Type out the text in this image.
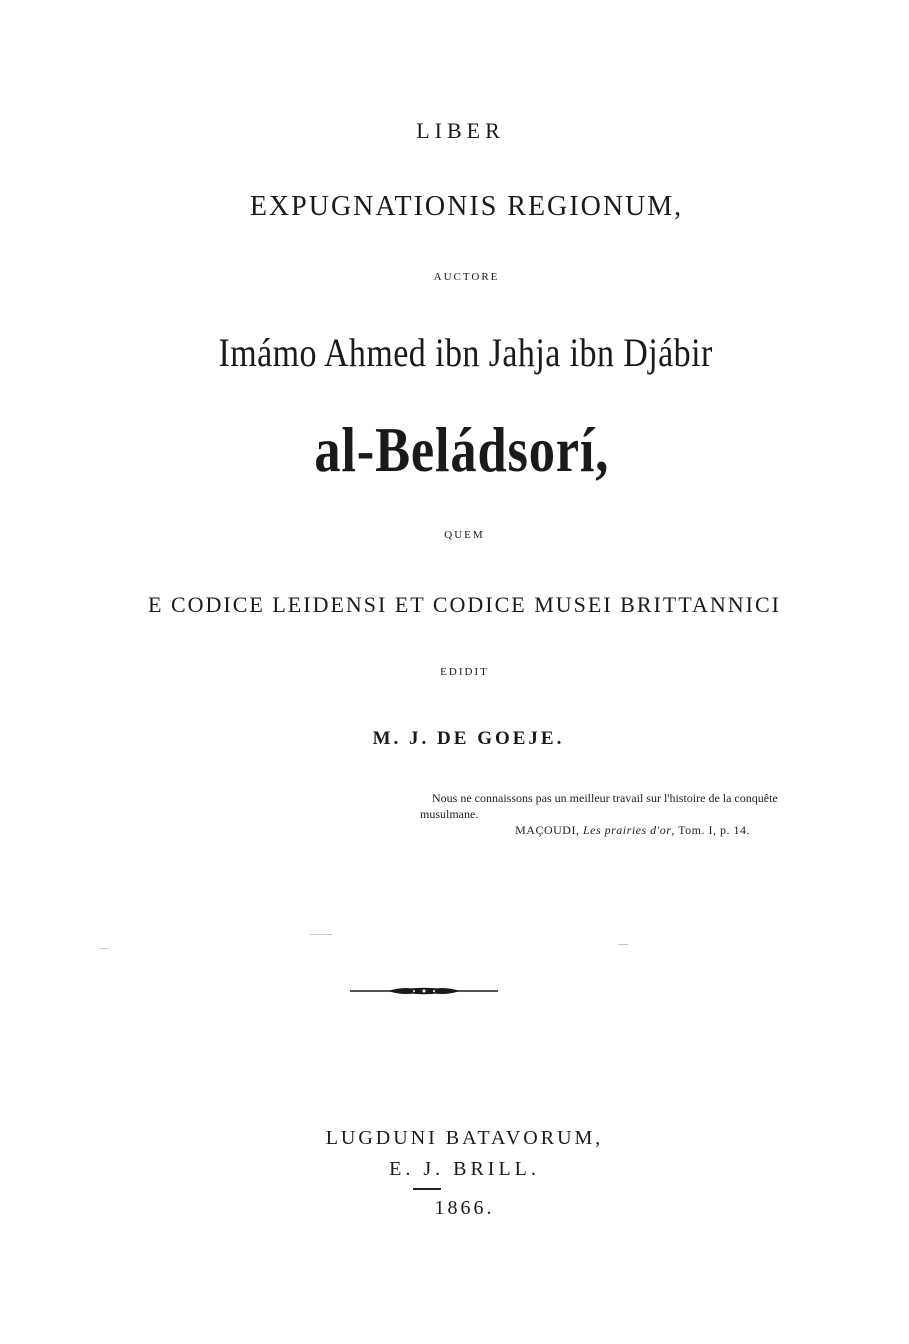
LIBER
EXPUGNATIONIS REGIONUM,
AUCTORE
Imámo Ahmed ibn Jahja ibn Djábir
al-Beládsorí,
QUEM
E CODICE LEIDENSI ET CODICE MUSEI BRITTANNICI
EDIDIT
M. J. DE GOEJE.
Nous ne connaissons pas un meilleur travail sur l'histoire de la conquête musulmane.
MAÇOUDI, Les prairies d'or, Tom. I, p. 14.
LUGDUNI BATAVORUM,
E. J. BRILL.
1866.
